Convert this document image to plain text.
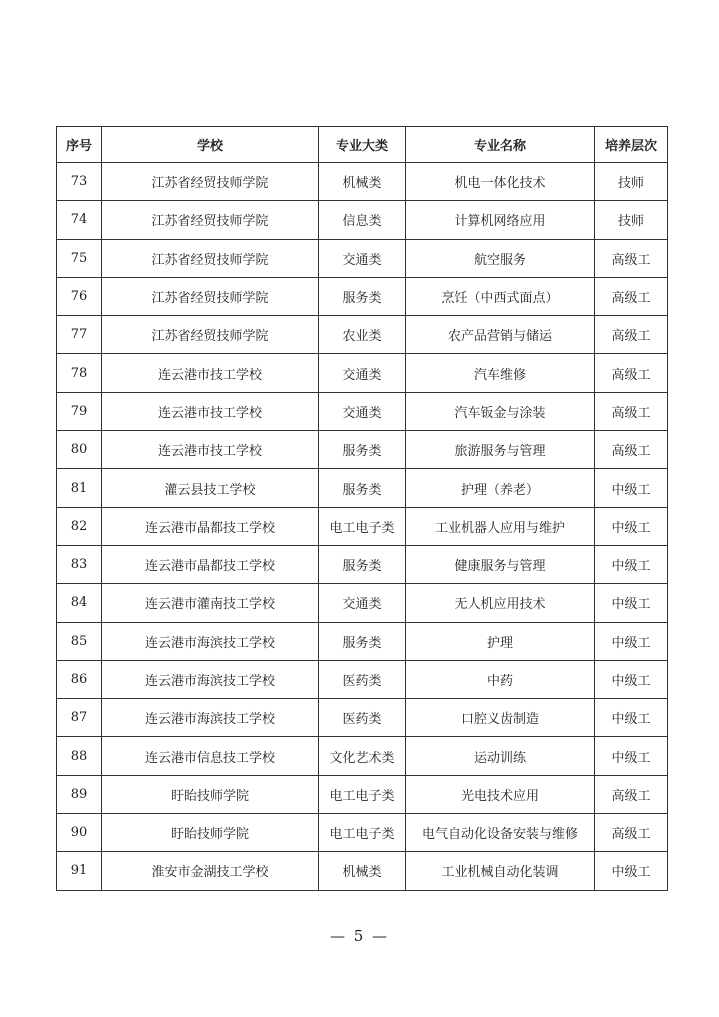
序号	学校	专业大类	专业名称	培养层次
73	江苏省经贸技师学院	机械类	机电一体化技术	技师
74	江苏省经贸技师学院	信息类	计算机网络应用	技师
75	江苏省经贸技师学院	交通类	航空服务	高级工
76	江苏省经贸技师学院	服务类	烹饪（中西式面点）	高级工
77	江苏省经贸技师学院	农业类	农产品营销与储运	高级工
78	连云港市技工学校	交通类	汽车维修	高级工
79	连云港市技工学校	交通类	汽车钣金与涂装	高级工
80	连云港市技工学校	服务类	旅游服务与管理	高级工
81	灌云县技工学校	服务类	护理（养老）	中级工
82	连云港市晶都技工学校	电工电子类	工业机器人应用与维护	中级工
83	连云港市晶都技工学校	服务类	健康服务与管理	中级工
84	连云港市灌南技工学校	交通类	无人机应用技术	中级工
85	连云港市海滨技工学校	服务类	护理	中级工
86	连云港市海滨技工学校	医药类	中药	中级工
87	连云港市海滨技工学校	医药类	口腔义齿制造	中级工
88	连云港市信息技工学校	文化艺术类	运动训练	中级工
89	盱眙技师学院	电工电子类	光电技术应用	高级工
90	盱眙技师学院	电工电子类	电气自动化设备安装与维修	高级工
91	淮安市金湖技工学校	机械类	工业机械自动化装调	中级工
— 5 —
